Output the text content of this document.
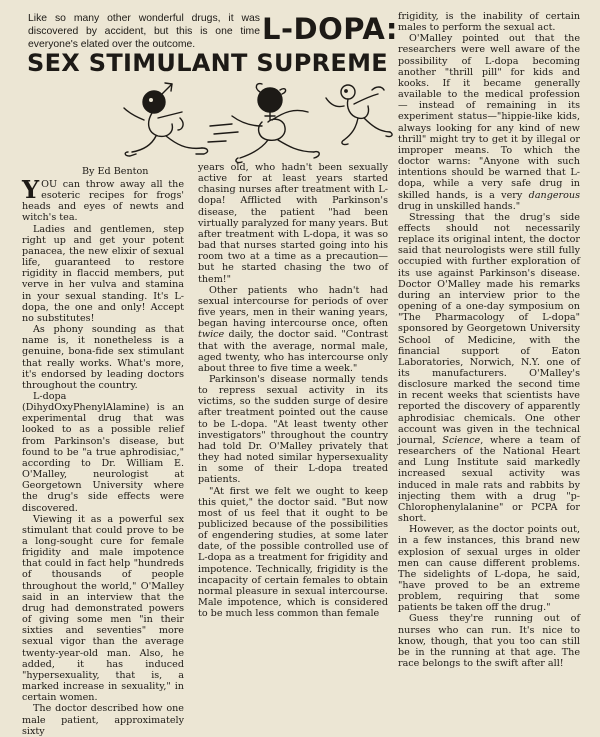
Like so many other wonderful drugs, it was discovered by accident, but this is one time everyone's elated over the outcome.	L-DOPA:
SEX STIMULANT SUPREME
By Ed Benton

YOU can throw away all the esoteric recipes for frogs' heads and eyes of newts and witch's tea.

Ladies and gentlemen, step right up and get your potent panacea, the new elixir of sexual life, guaranteed to restore rigidity in flaccid members, put verve in her vulva and stamina in your sexual standing. It's L-dopa, the one and only! Accept no substitutes!

As phony sounding as that name is, it nonetheless is a genuine, bona-fide sex stimulant that really works. What's more, it's endorsed by leading doctors throughout the country.

L-dopa (DihydOxyPhenylAlamine) is an experimental drug that was looked to as a possible relief from Parkinson's disease, but found to be "a true aphrodisiac," according to Dr. William E. O'Malley, neurologist at Georgetown University where the drug's side effects were discovered.

Viewing it as a powerful sex stimulant that could prove to be a long-sought cure for female frigidity and male impotence that could in fact help "hundreds of thousands of people throughout the world," O'Malley said in an interview that the drug had demonstrated powers of giving some men "in their sixties and seventies" more sexual vigor than the average twenty-year-old man. Also, he added, it has induced "hypersexuality, that is, a marked increase in sexuality," in certain women.

The doctor described how one male patient, approximately sixty

years old, who hadn't been sexually active for at least years started chasing nurses after treatment with L-dopa! Afflicted with Parkinson's disease, the patient "had been virtually paralyzed for many years. But after treatment with L-dopa, it was so bad that nurses started going into his room two at a time as a precaution—but he started chasing the two of them!"

Other patients who hadn't had sexual intercourse for periods of over five years, men in their waning years, began having intercourse once, often twice daily, the doctor said. "Contrast that with the average, normal male, aged twenty, who has intercourse only about three to five time a week."

Parkinson's disease normally tends to repress sexual activity in its victims, so the sudden surge of desire after treatment pointed out the cause to be L-dopa. "At least twenty other investigators" throughout the country had told Dr. O'Malley privately that they had noted similar hypersexuality in some of their L-dopa treated patients.

"At first we felt we ought to keep this quiet," the doctor said. "But now most of us feel that it ought to be publicized because of the possibilities of engendering studies, at some later date, of the possible controlled use of L-dopa as a treatment for frigidity and impotence. Technically, frigidity is the incapacity of certain females to obtain normal pleasure in sexual intercourse. Male impotence, which is considered to be much less common than female

frigidity, is the inability of certain males to perform the sexual act.

O'Malley pointed out that the researchers were well aware of the possibility of L-dopa becoming another "thrill pill" for kids and kooks. If it became generally available to the medical profession — instead of remaining in its experiment status—"hippie-like kids, always looking for any kind of new thrill" might try to get it by illegal or improper means. To which the doctor warns: "Anyone with such intentions should be warned that L-dopa, while a very safe drug in skilled hands, is a very dangerous drug in unskilled hands."

Stressing that the drug's side effects should not necessarily replace its original intent, the doctor said that neurologists were still fully occupied with further exploration of its use against Parkinson's disease. Doctor O'Malley made his remarks during an interview prior to the opening of a one-day symposium on "The Pharmacology of L-dopa" sponsored by Georgetown University School of Medicine, with the financial support of Eaton Laboratories, Norwich, N.Y. one of its manufacturers. O'Malley's disclosure marked the second time in recent weeks that scientists have reported the discovery of apparently aphrodisiac chemicals. One other account was given in the technical journal, Science, where a team of researchers of the National Heart and Lung Institute said markedly increased sexual activity was induced in male rats and rabbits by injecting them with a drug "p-Chlorophenylalanine" or PCPA for short.

However, as the doctor points out, in a few instances, this brand new explosion of sexual urges in older men can cause different problems. The sidelights of L-dopa, he said, "have proved to be an extreme problem, requiring that some patients be taken off the drug."

Guess they're running out of nurses who can run. It's nice to know, though, that you too can still be in the running at that age. The race belongs to the swift after all!
